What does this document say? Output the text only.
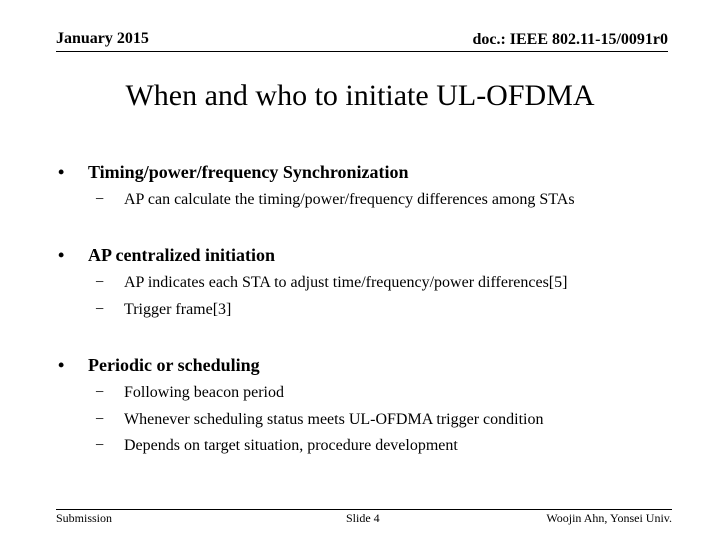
January 2015	doc.: IEEE 802.11-15/0091r0
When and who to initiate UL-OFDMA
• Timing/power/frequency Synchronization
− AP can calculate the timing/power/frequency differences among STAs
• AP centralized initiation
− AP indicates each STA to adjust time/frequency/power differences[5]
− Trigger frame[3]
• Periodic or scheduling
− Following beacon period
− Whenever scheduling status meets UL-OFDMA trigger condition
− Depends on target situation, procedure development
Submission	Slide 4	Woojin Ahn, Yonsei Univ.
